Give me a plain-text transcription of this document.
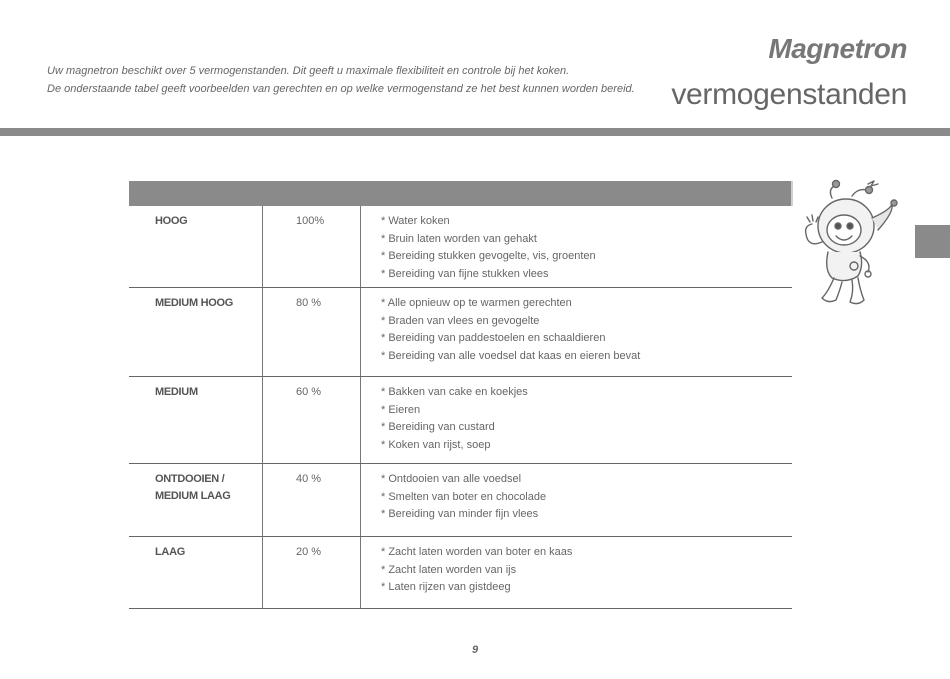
Uw magnetron beschikt over 5 vermogenstanden. Dit geeft u maximale flexibiliteit en controle bij het koken.

De onderstaande tabel geeft voorbeelden van gerechten en op welke vermogenstand ze het best kunnen worden bereid.

Magnetron
vermogenstanden
HOOG	100%	* Water koken
* Bruin laten worden van gehakt
* Bereiding stukken gevogelte, vis, groenten
* Bereiding van fijne stukken vlees
MEDIUM HOOG	80 %	* Alle opnieuw op te warmen gerechten
* Braden van vlees en gevogelte
* Bereiding van paddestoelen en schaaldieren
* Bereiding van alle voedsel dat kaas en eieren bevat
MEDIUM	60 %	* Bakken van cake en koekjes
* Eieren
* Bereiding van custard
* Koken van rijst, soep
ONTDOOIEN /
MEDIUM LAAG
40 %	* Ontdooien van alle voedsel
* Smelten van boter en chocolade
* Bereiding van minder fijn vlees
LAAG	20 %	* Zacht laten worden van boter en kaas
* Zacht laten worden van ijs
* Laten rijzen van gistdeeg
9
